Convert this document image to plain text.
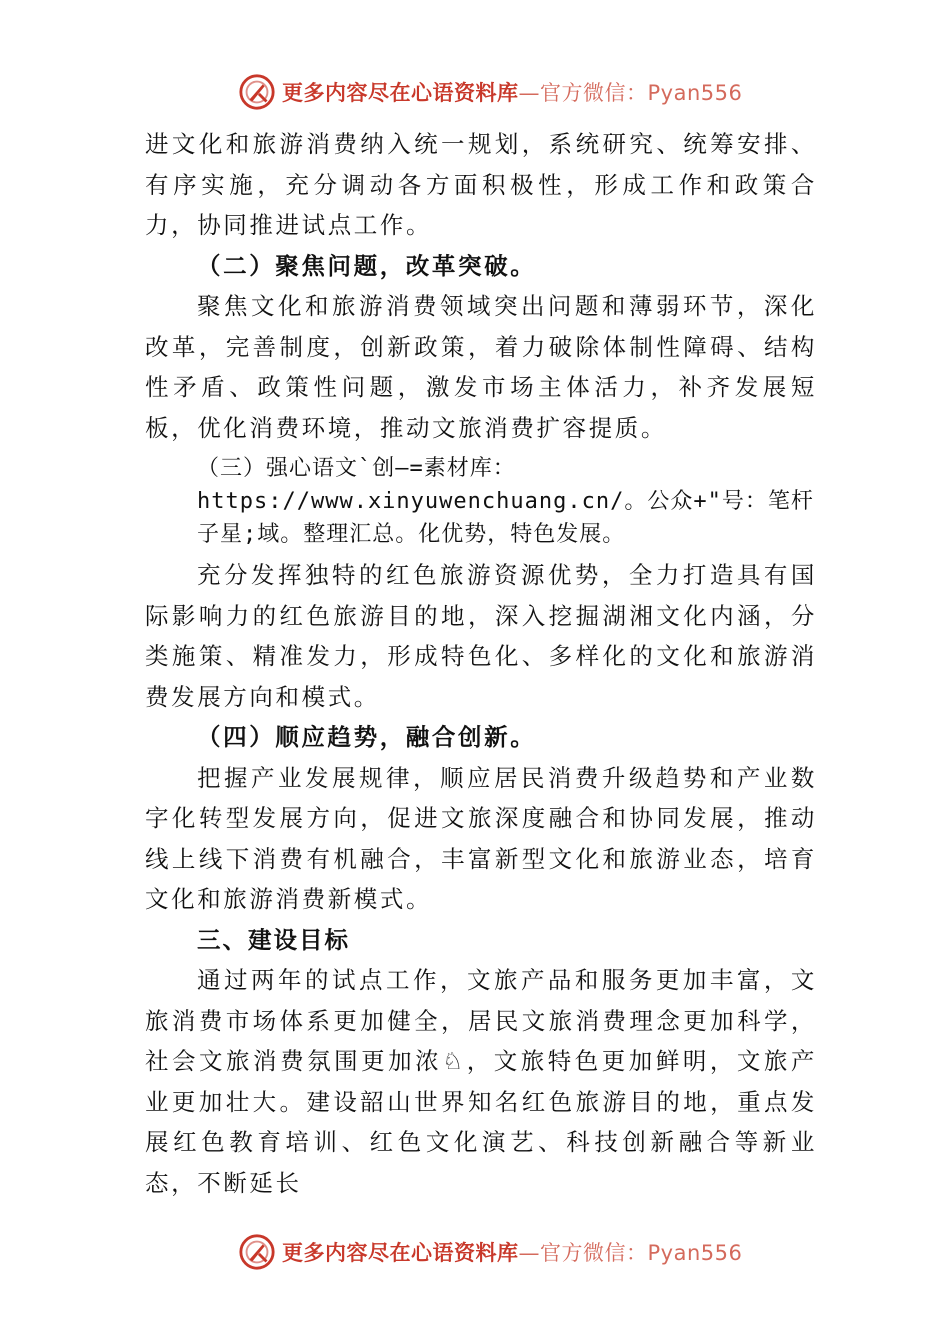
更多内容尽在心语资料库—官方微信：Pyan556

进文化和旅游消费纳入统一规划，系统研究、统筹安排、有序实施，充分调动各方面积极性，形成工作和政策合力，协同推进试点工作。

（二）聚焦问题，改革突破。

聚焦文化和旅游消费领域突出问题和薄弱环节，深化改革，完善制度，创新政策，着力破除体制性障碍、结构性矛盾、政策性问题，激发市场主体活力，补齐发展短板，优化消费环境，推动文旅消费扩容提质。

（三）强心语文`创—=素材库：https://www.xinyuwenchuang.cn/。公众+"号：笔杆子星;域。整理汇总。化优势，特色发展。

充分发挥独特的红色旅游资源优势，全力打造具有国际影响力的红色旅游目的地，深入挖掘湖湘文化内涵，分类施策、精准发力，形成特色化、多样化的文化和旅游消费发展方向和模式。

（四）顺应趋势，融合创新。

把握产业发展规律，顺应居民消费升级趋势和产业数字化转型发展方向，促进文旅深度融合和协同发展，推动线上线下消费有机融合，丰富新型文化和旅游业态，培育文化和旅游消费新模式。

三、建设目标

通过两年的试点工作，文旅产品和服务更加丰富，文旅消费市场体系更加健全，居民文旅消费理念更加科学，社会文旅消费氛围更加浓♘，文旅特色更加鲜明，文旅产业更加壮大。建设韶山世界知名红色旅游目的地，重点发展红色教育培训、红色文化演艺、科技创新融合等新业态，不断延长

更多内容尽在心语资料库—官方微信：Pyan556
